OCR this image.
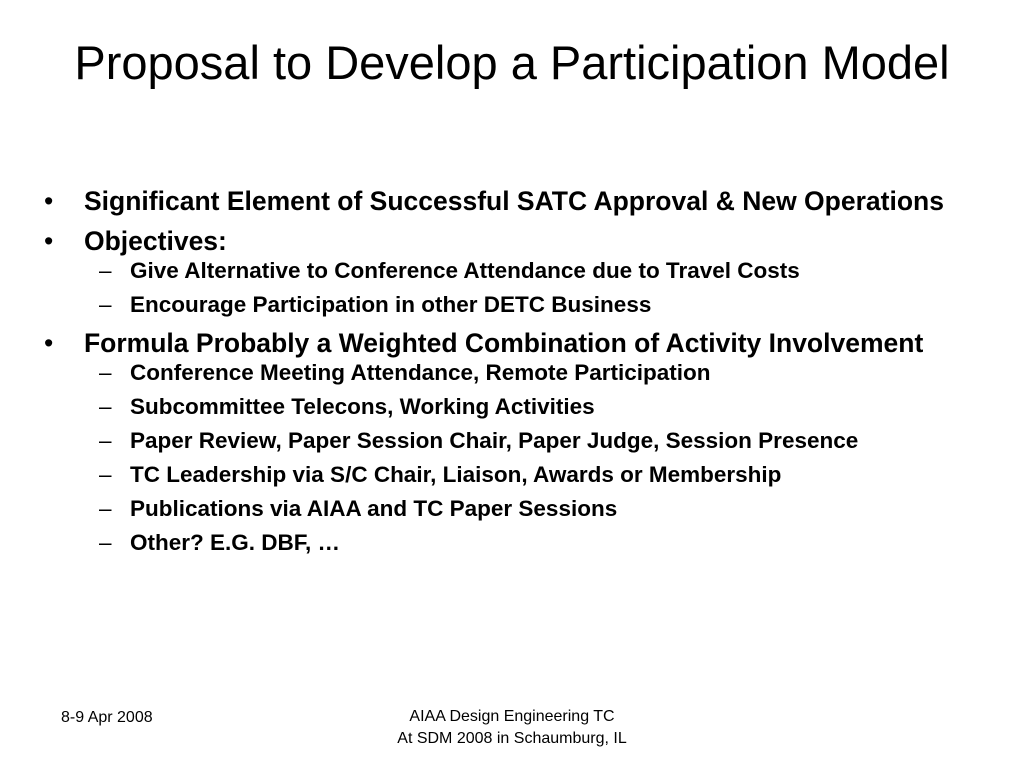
Proposal to Develop a Participation Model
• Significant Element of Successful SATC Approval & New Operations
• Objectives:
– Give Alternative to Conference Attendance due to Travel Costs
– Encourage Participation in other DETC Business
• Formula Probably a Weighted Combination of Activity Involvement
– Conference Meeting Attendance, Remote Participation
– Subcommittee Telecons, Working Activities
– Paper Review, Paper Session Chair, Paper Judge, Session Presence
– TC Leadership via S/C Chair, Liaison, Awards or Membership
– Publications via AIAA and TC Paper Sessions
– Other? E.G. DBF, …
8-9 Apr 2008	AIAA Design Engineering TC
At SDM 2008 in Schaumburg, IL
